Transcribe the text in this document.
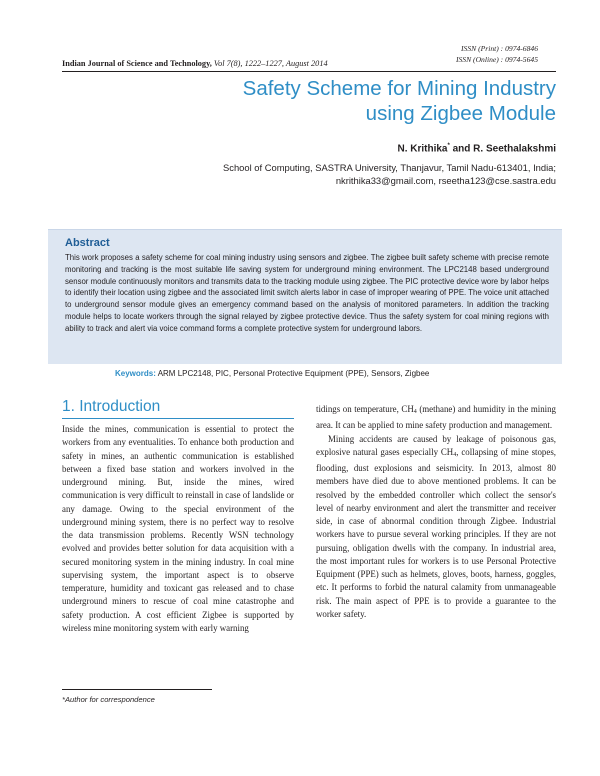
ISSN (Print) : 0974-6846
ISSN (Online) : 0974-5645
Indian Journal of Science and Technology, Vol 7(8), 1222–1227, August 2014
Safety Scheme for Mining Industry
using Zigbee Module
N. Krithika* and R. Seethalakshmi
School of Computing, SASTRA University, Thanjavur, Tamil Nadu-613401, India;
nkrithika33@gmail.com, rseetha123@cse.sastra.edu
Abstract
This work proposes a safety scheme for coal mining industry using sensors and zigbee. The zigbee built safety scheme with precise remote monitoring and tracking is the most suitable life saving system for underground mining environment. The LPC2148 based underground sensor module continuously monitors and transmits data to the tracking module using zigbee. The PIC protective device wore by labor helps to identify their location using zigbee and the associated limit switch alerts labor in case of improper wearing of PPE. The voice unit attached to underground sensor module gives an emergency command based on the analysis of monitored parameters. In addition the tracking module helps to locate workers through the signal relayed by zigbee protective device. Thus the safety system for coal mining regions with ability to track and alert via voice command forms a complete protective system for underground labors.
Keywords: ARM LPC2148, PIC, Personal Protective Equipment (PPE), Sensors, Zigbee
1. Introduction

Inside the mines, communication is essential to protect the workers from any eventualities. To enhance both production and safety in mines, an authentic communication is established between a fixed base station and workers involved in the underground mining. But, inside the mines, wired communication is very difficult to reinstall in case of landslide or any damage. Owing to the special environment of the underground mining system, there is no perfect way to resolve the data transmission problems. Recently WSN technology evolved and provides better solution for data acquisition with a secured monitoring system in the mining industry. In coal mine supervising system, the important aspect is to observe temperature, humidity and toxicant gas released and to chase underground miners to rescue of coal mine catastrophe and safety production. A cost efficient Zigbee is supported by wireless mine monitoring system with early warning

tidings on temperature, CH4 (methane) and humidity in the mining area. It can be applied to mine safety production and management.

Mining accidents are caused by leakage of poisonous gas, explosive natural gases especially CH4, collapsing of mine stopes, flooding, dust explosions and seismicity. In 2013, almost 80 members have died due to above mentioned problems. It can be resolved by the embedded controller which collect the sensor's level of nearby environment and alert the transmitter and receiver side, in case of abnormal condition through Zigbee. Industrial workers have to pursue several working principles. If they are not pursuing, obligation dwells with the company. In industrial area, the most important rules for workers is to use Personal Protective Equipment (PPE) such as helmets, gloves, boots, harness, goggles, etc. It performs to forbid the natural calamity from unmanageable risk. The main aspect of PPE is to provide a guarantee to the worker safety.

*Author for correspondence
